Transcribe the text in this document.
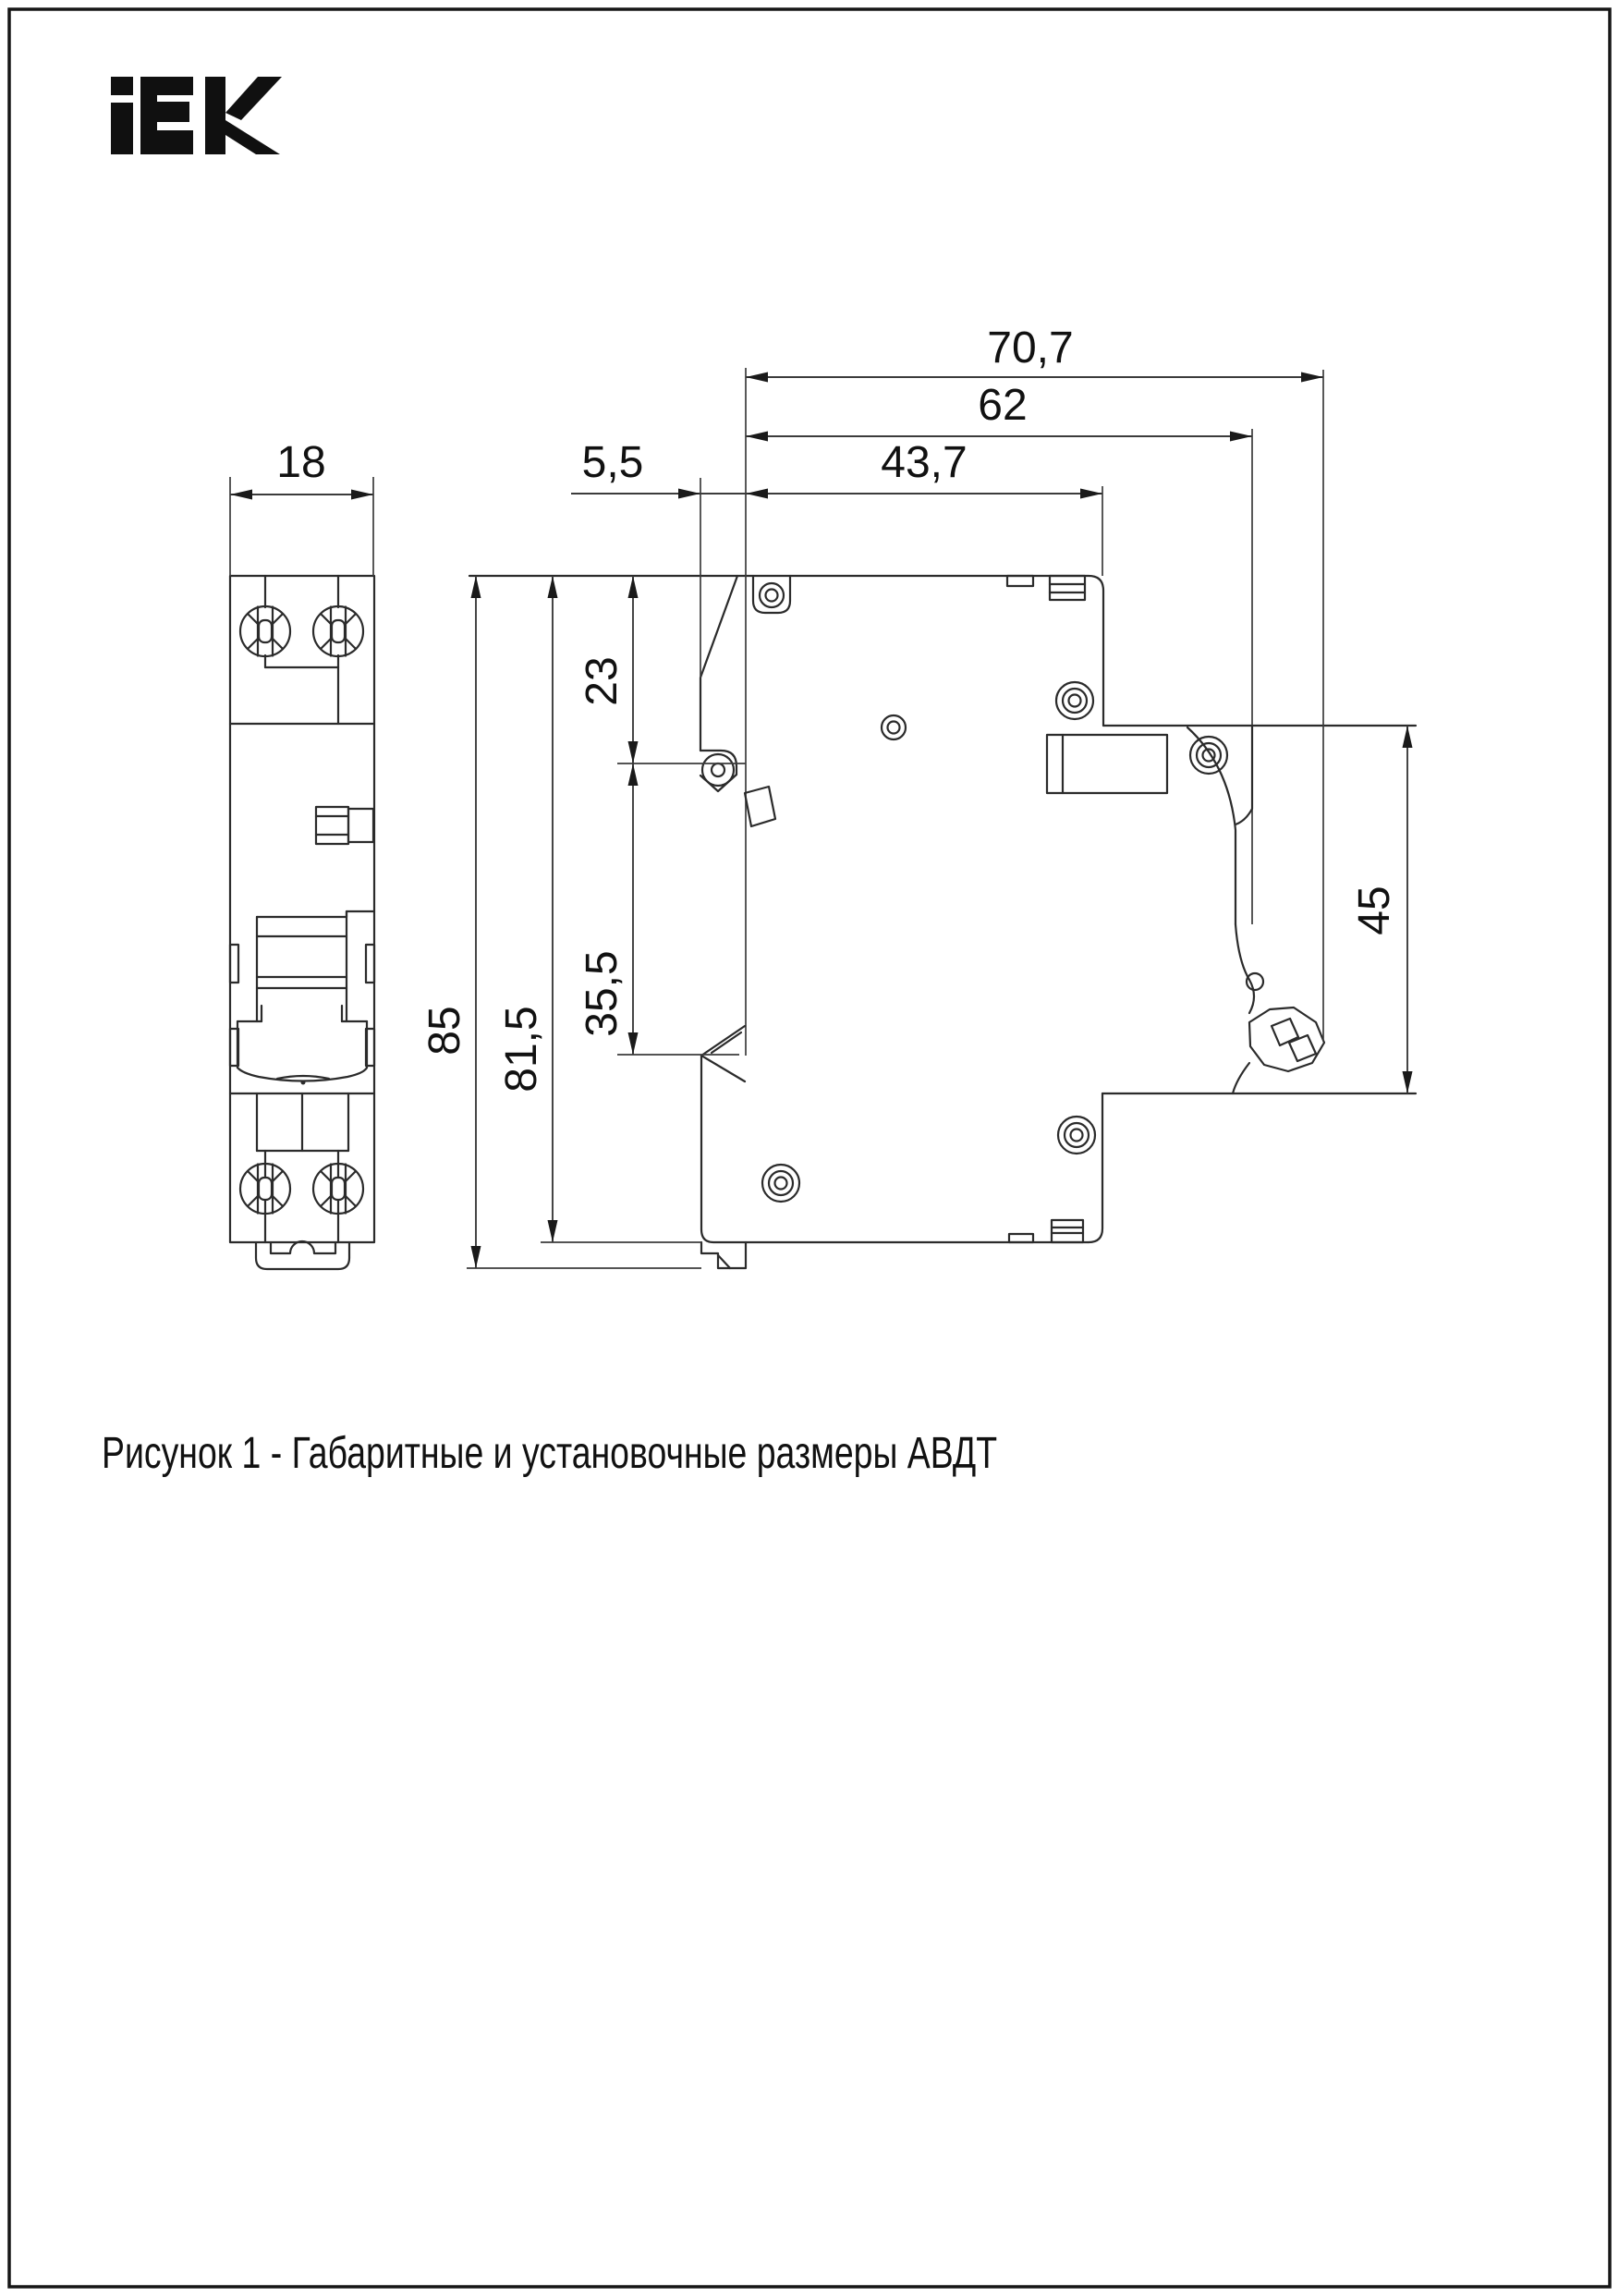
18	5,5	43,7
62
70,7
85 81,5
23
35,5
45
Рисунок 1 - Габаритные и установочные размеры АВДТ
